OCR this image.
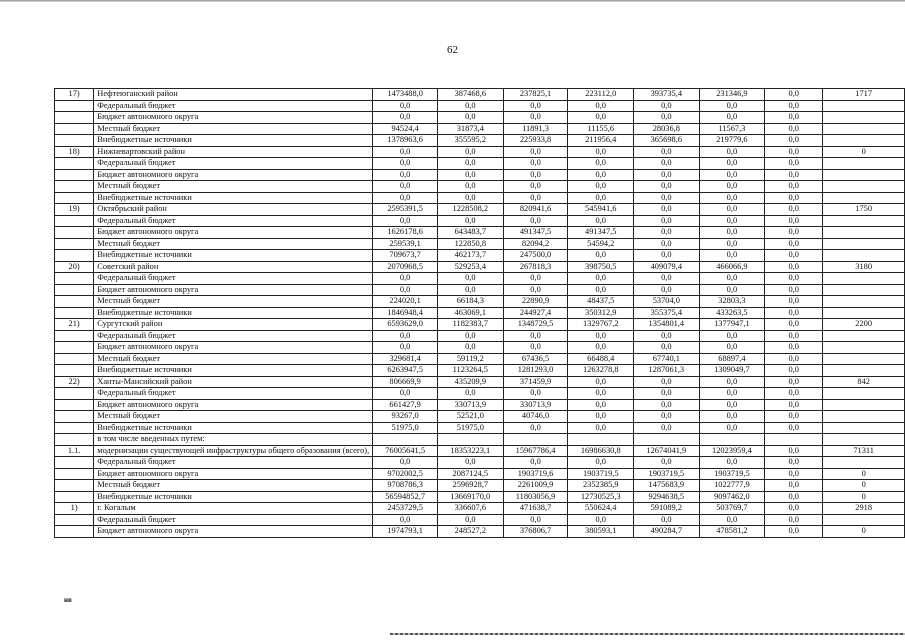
62
17)	Нефтеюганский район	1473488,0	387468,6	237825,1	223112,0	393735,4	231346,9	0,0	1717
	Федеральный бюджет	0,0	0,0	0,0	0,0	0,0	0,0	0,0	
	Бюджет автономного округа	0,0	0,0	0,0	0,0	0,0	0,0	0,0	
	Местный бюджет	94524,4	31873,4	11891,3	11155,6	28036,8	11567,3	0,0	
	Внебюджетные источники	1378963,6	355595,2	225933,8	211956,4	365698,6	219779,6	0,0	
18)	Нижневартовский район	0,0	0,0	0,0	0,0	0,0	0,0	0,0	0
	Федеральный бюджет	0,0	0,0	0,0	0,0	0,0	0,0	0,0	
	Бюджет автономного округа	0,0	0,0	0,0	0,0	0,0	0,0	0,0	
	Местный бюджет	0,0	0,0	0,0	0,0	0,0	0,0	0,0	
	Внебюджетные источники	0,0	0,0	0,0	0,0	0,0	0,0	0,0	
19)	Октябрьский район	2595391,5	1228508,2	820941,6	545941,6	0,0	0,0	0,0	1750
	Федеральный бюджет	0,0	0,0	0,0	0,0	0,0	0,0	0,0	
	Бюджет автономного округа	1626178,6	643483,7	491347,5	491347,5	0,0	0,0	0,0	
	Местный бюджет	259539,1	122850,8	82094,2	54594,2	0,0	0,0	0,0	
	Внебюджетные источники	709673,7	462173,7	247500,0	0,0	0,0	0,0	0,0	
20)	Советский район	2070968,5	529253,4	267818,3	398750,5	409079,4	466066,9	0,0	3180
	Федеральный бюджет	0,0	0,0	0,0	0,0	0,0	0,0	0,0	
	Бюджет автономного округа	0,0	0,0	0,0	0,0	0,0	0,0	0,0	
	Местный бюджет	224020,1	66184,3	22890,9	48437,5	53704,0	32803,3	0,0	
	Внебюджетные источники	1846948,4	463069,1	244927,4	350312,9	355375,4	433263,5	0,0	
21)	Сургутский район	6593629,0	1182383,7	1348729,5	1329767,2	1354801,4	1377947,1	0,0	2200
	Федеральный бюджет	0,0	0,0	0,0	0,0	0,0	0,0	0,0	
	Бюджет автономного округа	0,0	0,0	0,0	0,0	0,0	0,0	0,0	
	Местный бюджет	329681,4	59119,2	67436,5	66488,4	67740,1	68897,4	0,0	
	Внебюджетные источники	6263947,5	1123264,5	1281293,0	1263278,8	1287061,3	1309049,7	0,0	
22)	Ханты-Мансийский район	806669,9	435209,9	371459,9	0,0	0,0	0,0	0,0	842
	Федеральный бюджет	0,0	0,0	0,0	0,0	0,0	0,0	0,0	
	Бюджет автономного округа	661427,9	330713,9	330713,9	0,0	0,0	0,0	0,0	
	Местный бюджет	93267,0	52521,0	40746,0	0,0	0,0	0,0	0,0	
	Внебюджетные источники	51975,0	51975,0	0,0	0,0	0,0	0,0	0,0	
	в том числе введенных путем:								
1.1.	модернизации существующей инфраструктуры общего образования (всего),	76005641,5	18353223,1	15967786,4	16986630,8	12674041,9	12023959,4	0,0	71311
	Федеральный бюджет	0,0	0,0	0,0	0,0	0,0	0,0	0,0	
	Бюджет автономного округа	9702002,5	2087124,5	1903719,6	1903719,5	1903719,5	1903719,5	0,0	0
	Местный бюджет	9708786,3	2596928,7	2261009,9	2352385,9	1475683,9	1022777,9	0,0	0
	Внебюджетные источники	56594852,7	13669170,0	11803056,9	12730525,3	9294638,5	9097462,0	0,0	0
1)	г. Когалым	2453729,5	336607,6	471638,7	550624,4	591089,2	503769,7	0,0	2918
	Федеральный бюджет	0,0	0,0	0,0	0,0	0,0	0,0	0,0	
	Бюджет автономного округа	1974793,1	248527,2	376806,7	380593,1	490284,7	478581,2	0,0	0
нв
